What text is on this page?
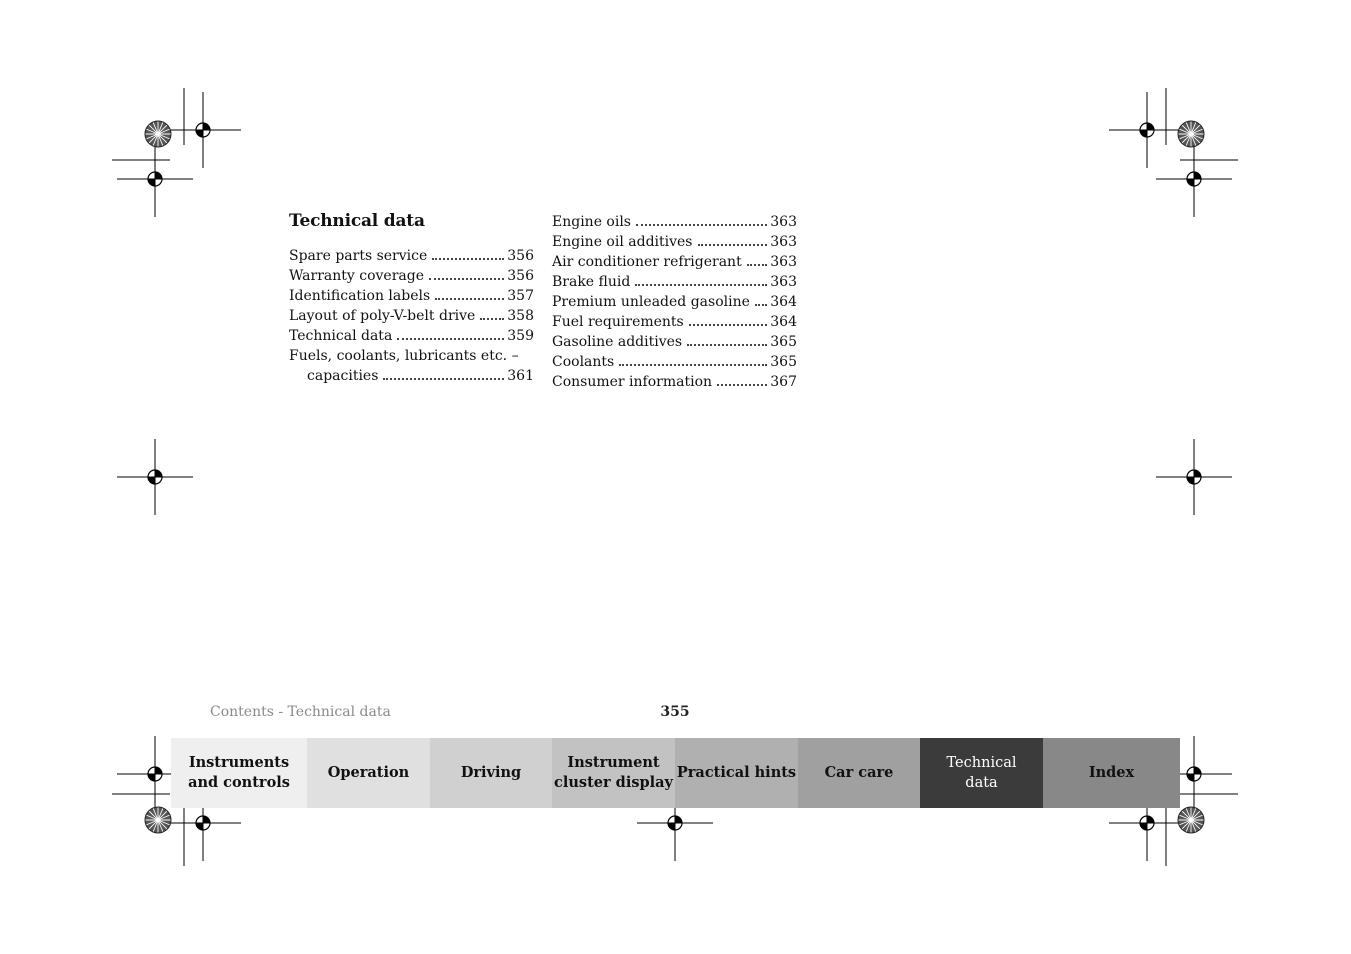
Technical data
Spare parts service	356
Warranty coverage	356
Identification labels	357
Layout of poly-V-belt drive 358
Technical data	359
Fuels, coolants, lubricants etc. –
capacities	361
Engine oils	363
Engine oil additives	363
Air conditioner refrigerant 363
Brake fluid	363
Premium unleaded gasoline 364
Fuel requirements	364
Gasoline additives	365
Coolants	365
Consumer information	367
Contents - Technical data	355
Instruments
and controls
Operation	Driving
Instrument
cluster display
Practical hints	Car care
Technical
data
Index
